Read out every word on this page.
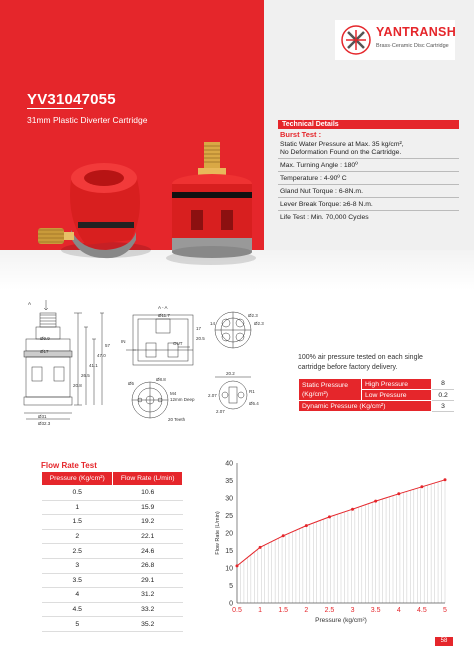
YANTRANSH
Brass·Ceramic Disc Cartridge
YV31047055
31mm Plastic Diverter Cartridge	Technical Details
Burst Test :
Static Water Pressure at Max. 35 kg/cm²,
No Deformation Found on the Cartridge.
Max. Turning Angle : 180º
Temperature : 4-90º C
Gland Nut Torque : 6-8N.m.
Lever Break Torque: ≥6-8 N.m.
Life Test : Min. 70,000 Cycles
A
A - A
Ø9.9
Ø17
Ø31
Ø32.3
20.8
26.5
41.1
47.0
57
Ø11.7
IN	OUT
20.5
17
M4
Ø8.8
Ø5
20 Teeth
12mm Deep
Ø2.3
Ø2.3
14
20.2
2.07
2.07
R1
Ø5.4
100% air pressure tested on each single cartridge before factory delivery.
Static Pressure
(Kg/cm²)	High Pressure	8
	Low Pressure	0.2
Dynamic Pressure (Kg/cm²)		3
Flow Rate Test
Pressure (Kg/cm²)	Flow Rate (L/min)
0.5	10.6
1	15.9
1.5	19.2
2	22.1
2.5	24.6
3	26.8
3.5	29.1
4	31.2
4.5	33.2
5	35.2
0.5 1 1.5 2 2.5 3 3.5 4 4.5 5
0
5
10
15
20
25
30
35
40
Pressure (kg/cm²)
Flow Rate (L/min)
58
